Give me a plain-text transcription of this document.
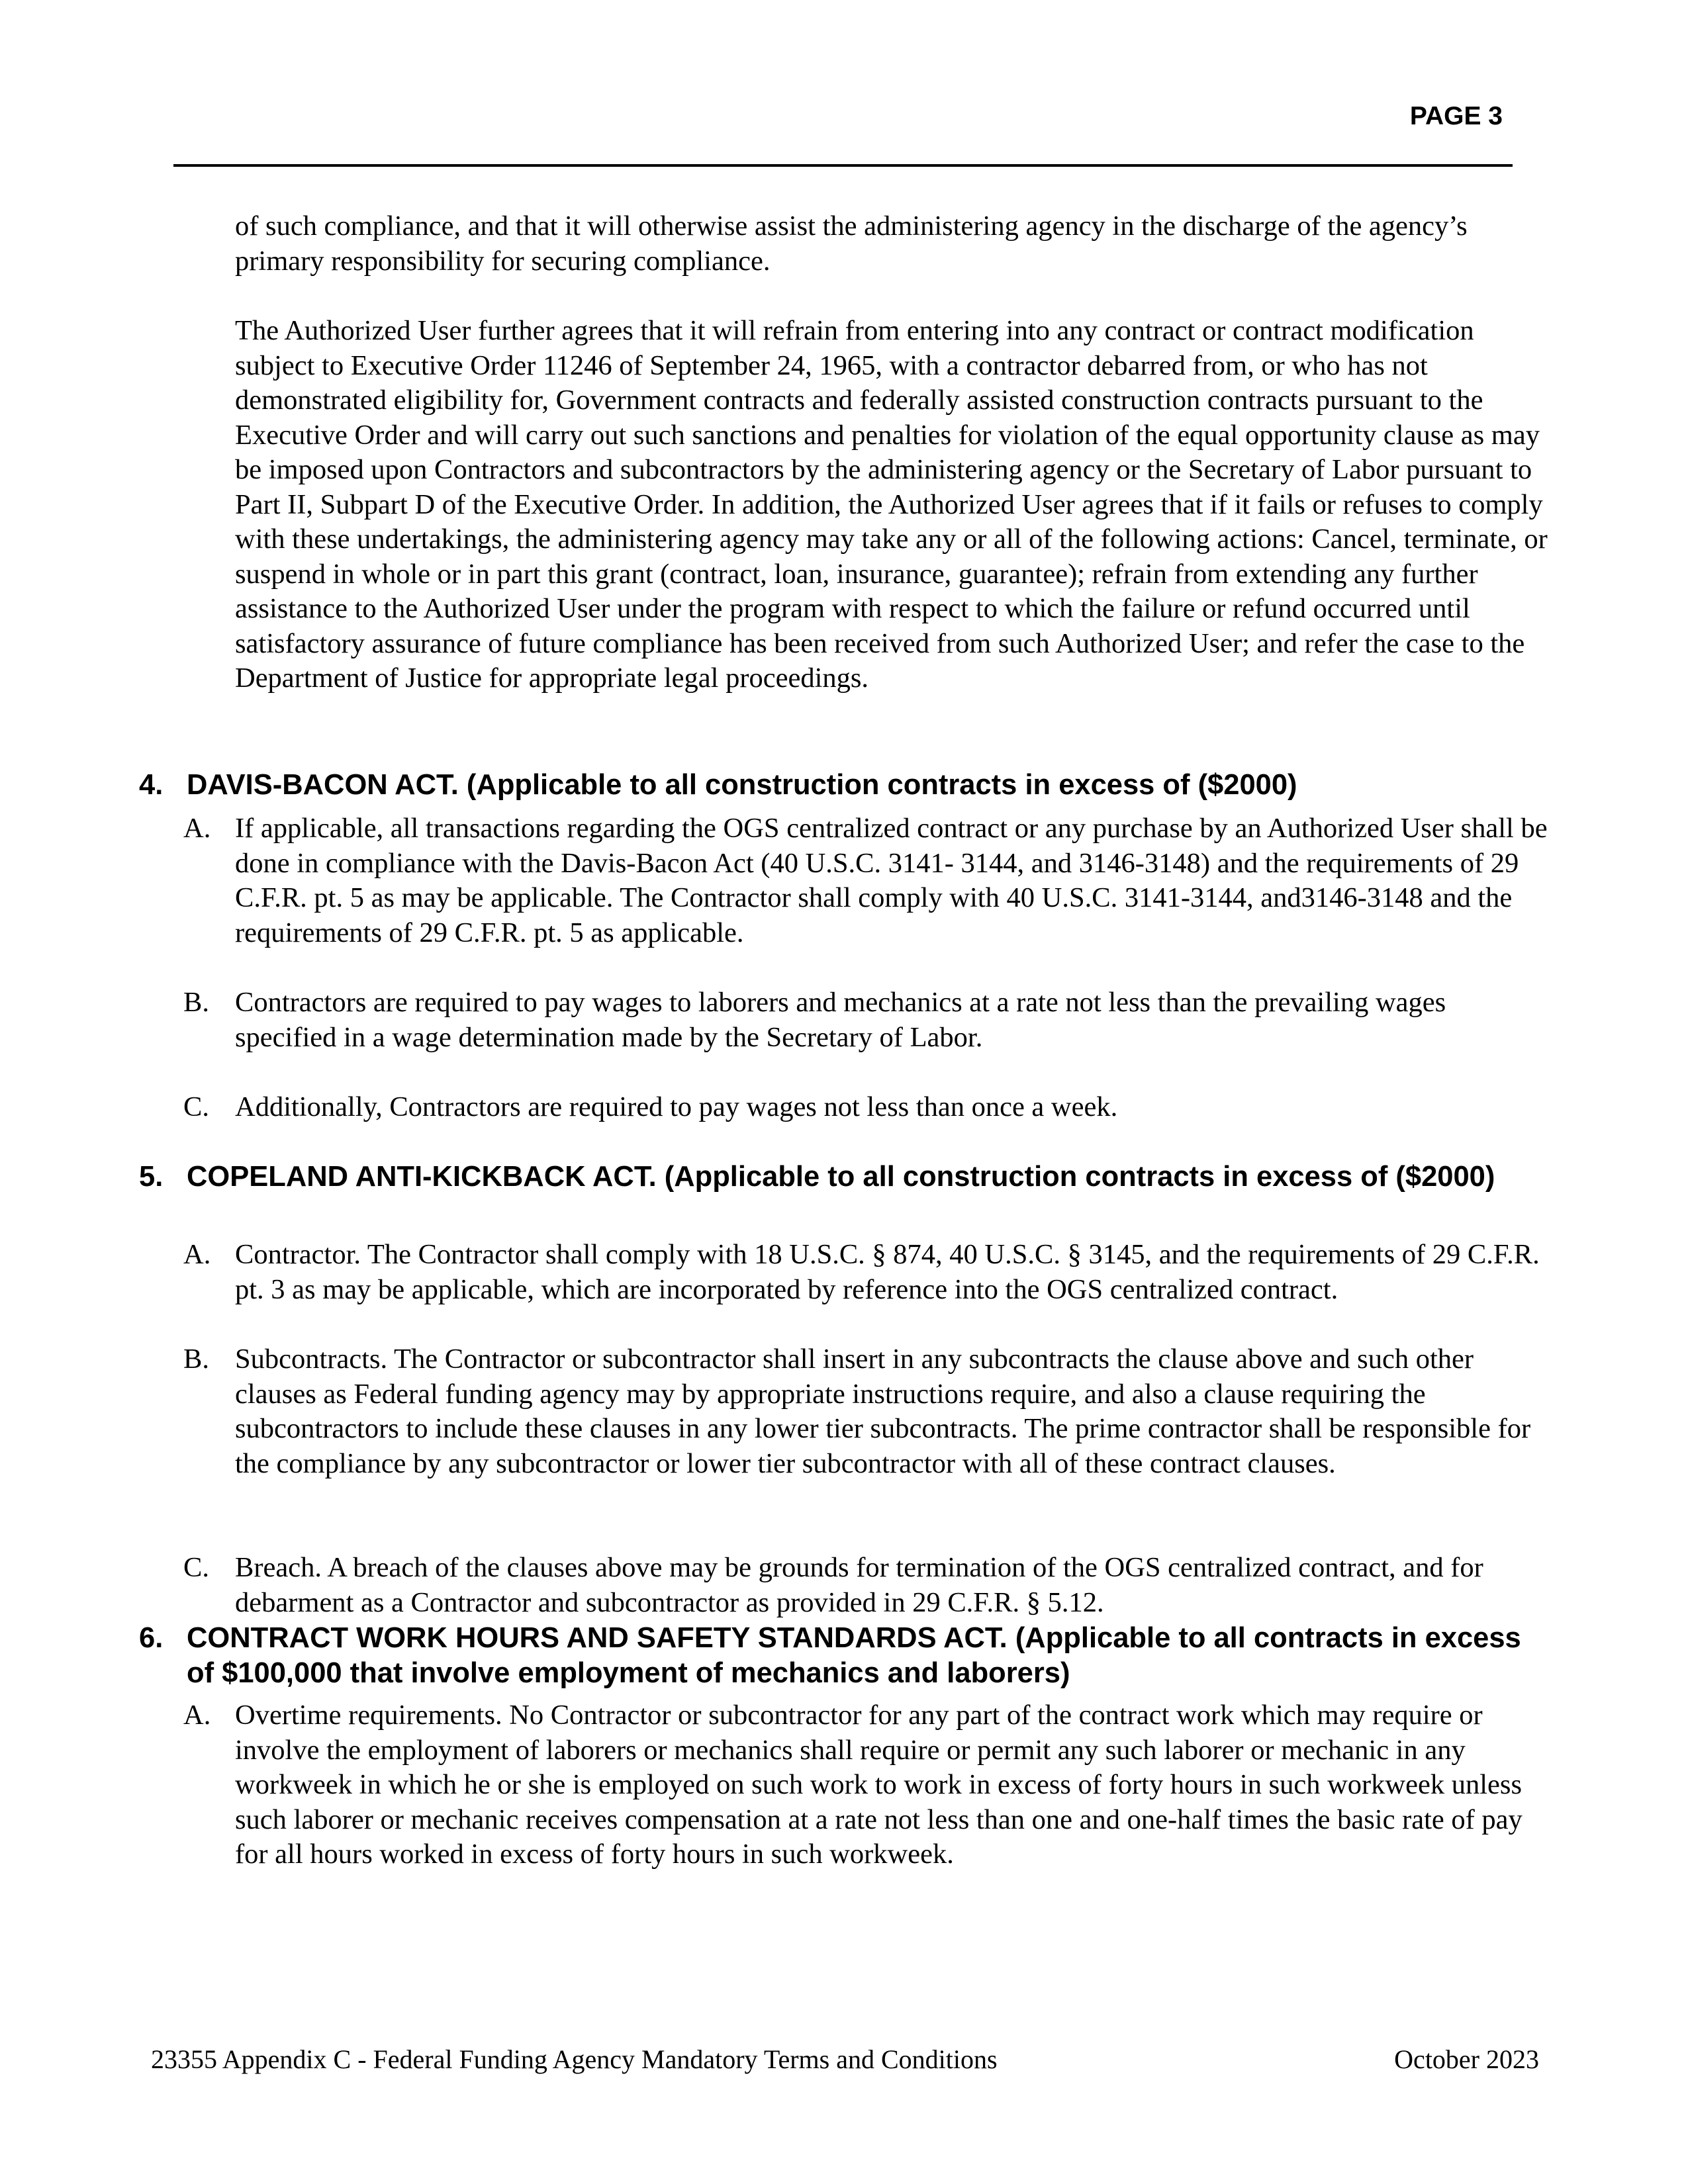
PAGE 3

of such compliance, and that it will otherwise assist the administering agency in the discharge of the agency’s primary responsibility for securing compliance.

The Authorized User further agrees that it will refrain from entering into any contract or contract modification subject to Executive Order 11246 of September 24, 1965, with a contractor debarred from, or who has not demonstrated eligibility for, Government contracts and federally assisted construction contracts pursuant to the Executive Order and will carry out such sanctions and penalties for violation of the equal opportunity clause as may be imposed upon Contractors and subcontractors by the administering agency or the Secretary of Labor pursuant to Part II, Subpart D of the Executive Order. In addition, the Authorized User agrees that if it fails or refuses to comply with these undertakings, the administering agency may take any or all of the following actions: Cancel, terminate, or suspend in whole or in part this grant (contract, loan, insurance, guarantee); refrain from extending any further assistance to the Authorized User under the program with respect to which the failure or refund occurred until satisfactory assurance of future compliance has been received from such Authorized User; and refer the case to the Department of Justice for appropriate legal proceedings.

4. DAVIS-BACON ACT. (Applicable to all construction contracts in excess of ($2000)
A. If applicable, all transactions regarding the OGS centralized contract or any purchase by an Authorized User shall be done in compliance with the Davis-Bacon Act (40 U.S.C. 3141- 3144, and 3146-3148) and the requirements of 29 C.F.R. pt. 5 as may be applicable. The Contractor shall comply with 40 U.S.C. 3141-3144, and3146-3148 and the requirements of 29 C.F.R. pt. 5 as applicable.
B. Contractors are required to pay wages to laborers and mechanics at a rate not less than the prevailing wages specified in a wage determination made by the Secretary of Labor.
C. Additionally, Contractors are required to pay wages not less than once a week.
5. COPELAND ANTI-KICKBACK ACT. (Applicable to all construction contracts in excess of ($2000)
A. Contractor. The Contractor shall comply with 18 U.S.C. § 874, 40 U.S.C. § 3145, and the requirements of 29 C.F.R. pt. 3 as may be applicable, which are incorporated by reference into the OGS centralized contract.
B. Subcontracts. The Contractor or subcontractor shall insert in any subcontracts the clause above and such other clauses as Federal funding agency may by appropriate instructions require, and also a clause requiring the subcontractors to include these clauses in any lower tier subcontracts. The prime contractor shall be responsible for the compliance by any subcontractor or lower tier subcontractor with all of these contract clauses.
C. Breach. A breach of the clauses above may be grounds for termination of the OGS centralized contract, and for debarment as a Contractor and subcontractor as provided in 29 C.F.R. § 5.12.
6. CONTRACT WORK HOURS AND SAFETY STANDARDS ACT. (Applicable to all contracts in excess of $100,000 that involve employment of mechanics and laborers)
A. Overtime requirements. No Contractor or subcontractor for any part of the contract work which may require or involve the employment of laborers or mechanics shall require or permit any such laborer or mechanic in any workweek in which he or she is employed on such work to work in excess of forty hours in such workweek unless such laborer or mechanic receives compensation at a rate not less than one and one-half times the basic rate of pay for all hours worked in excess of forty hours in such workweek.
23355 Appendix C - Federal Funding Agency Mandatory Terms and Conditions	October 2023
